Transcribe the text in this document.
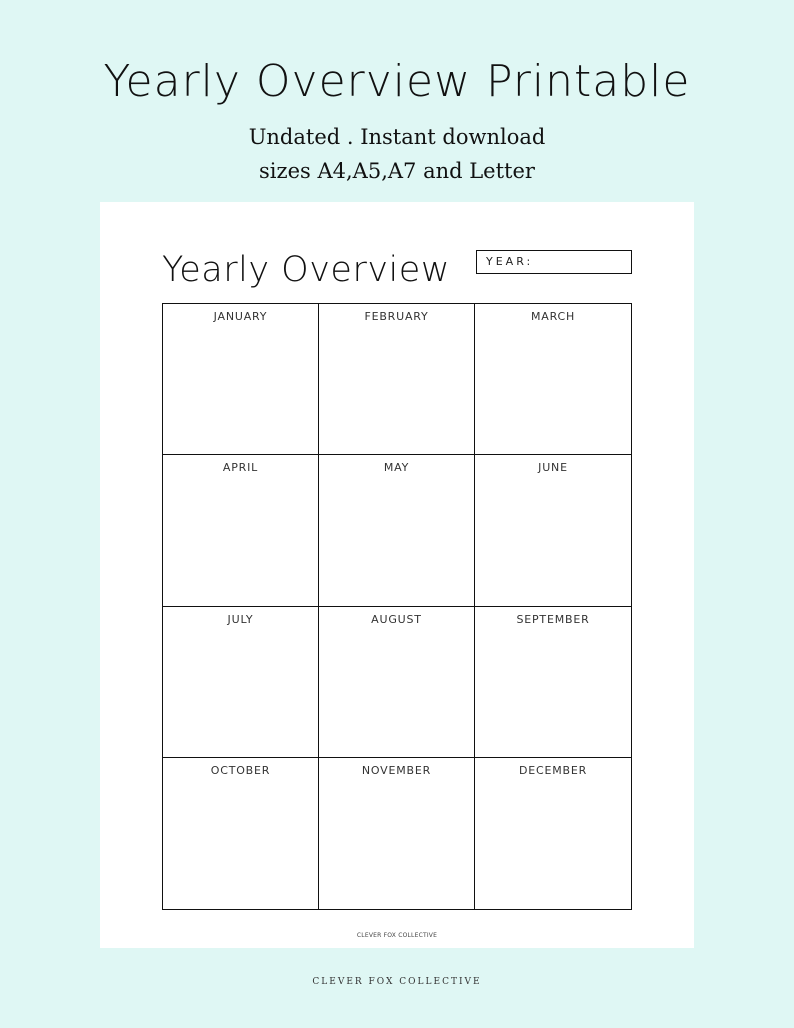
Yearly Overview Printable
Undated . Instant download
sizes A4,A5,A7 and Letter
Yearly Overview	YEAR:
JANUARY	FEBRUARY	MARCH
APRIL	MAY	JUNE
JULY	AUGUST	SEPTEMBER
OCTOBER	NOVEMBER	DECEMBER
CLEVER FOX COLLECTIVE
CLEVER FOX COLLECTIVE
